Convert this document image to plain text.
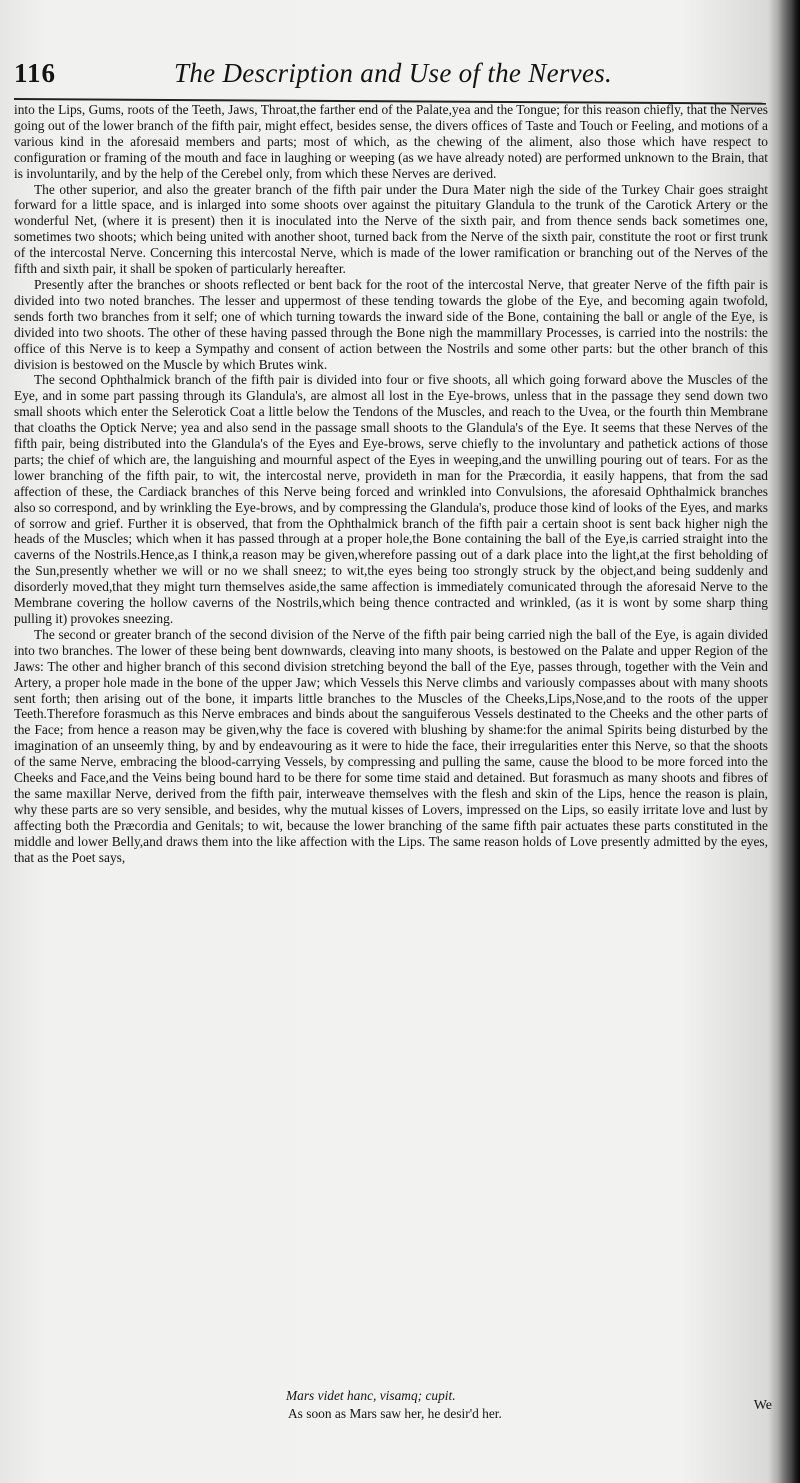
116	The Description and Use of the Nerves.

into the Lips, Gums, roots of the Teeth, Jaws, Throat,the farther end of the Palate,yea and the Tongue; for this reason chiefly, that the Nerves going out of the lower branch of the fifth pair, might effect, besides sense, the divers offices of Taste and Touch or Feeling, and motions of a various kind in the aforesaid members and parts; most of which, as the chewing of the aliment, also those which have respect to configuration or framing of the mouth and face in laughing or weeping (as we have already noted) are performed unknown to the Brain, that is involuntarily, and by the help of the Cerebel only, from which these Nerves are derived.

The other superior, and also the greater branch of the fifth pair under the Dura Mater nigh the side of the Turkey Chair goes straight forward for a little space, and is inlarged into some shoots over against the pituitary Glandula to the trunk of the Carotick Artery or the wonderful Net, (where it is present) then it is inoculated into the Nerve of the sixth pair, and from thence sends back sometimes one, sometimes two shoots; which being united with another shoot, turned back from the Nerve of the sixth pair, constitute the root or first trunk of the intercostal Nerve. Concerning this intercostal Nerve, which is made of the lower ramification or branching out of the Nerves of the fifth and sixth pair, it shall be spoken of particularly hereafter.

Presently after the branches or shoots reflected or bent back for the root of the intercostal Nerve, that greater Nerve of the fifth pair is divided into two noted branches. The lesser and uppermost of these tending towards the globe of the Eye, and becoming again twofold, sends forth two branches from it self; one of which turning towards the inward side of the Bone, containing the ball or angle of the Eye, is divided into two shoots. The other of these having passed through the Bone nigh the mammillary Processes, is carried into the nostrils: the office of this Nerve is to keep a Sympathy and consent of action between the Nostrils and some other parts: but the other branch of this division is bestowed on the Muscle by which Brutes wink.

The second Ophthalmick branch of the fifth pair is divided into four or five shoots, all which going forward above the Muscles of the Eye, and in some part passing through its Glandula's, are almost all lost in the Eye-brows, unless that in the passage they send down two small shoots which enter the Selerotick Coat a little below the Tendons of the Muscles, and reach to the Uvea, or the fourth thin Membrane that cloaths the Optick Nerve; yea and also send in the passage small shoots to the Glandula's of the Eye. It seems that these Nerves of the fifth pair, being distributed into the Glandula's of the Eyes and Eye-brows, serve chiefly to the involuntary and pathetick actions of those parts; the chief of which are, the languishing and mournful aspect of the Eyes in weeping,and the unwilling pouring out of tears. For as the lower branching of the fifth pair, to wit, the intercostal nerve, provideth in man for the Præcordia, it easily happens, that from the sad affection of these, the Cardiack branches of this Nerve being forced and wrinkled into Convulsions, the aforesaid Ophthalmick branches also so correspond, and by wrinkling the Eye-brows, and by compressing the Glandula's, produce those kind of looks of the Eyes, and marks of sorrow and grief. Further it is observed, that from the Ophthalmick branch of the fifth pair a certain shoot is sent back higher nigh the heads of the Muscles; which when it has passed through at a proper hole,the Bone containing the ball of the Eye,is carried straight into the caverns of the Nostrils.Hence,as I think,a reason may be given,wherefore passing out of a dark place into the light,at the first beholding of the Sun,presently whether we will or no we shall sneez; to wit,the eyes being too strongly struck by the object,and being suddenly and disorderly moved,that they might turn themselves aside,the same affection is immediately comunicated through the aforesaid Nerve to the Membrane covering the hollow caverns of the Nostrils,which being thence contracted and wrinkled, (as it is wont by some sharp thing pulling it) provokes sneezing.

The second or greater branch of the second division of the Nerve of the fifth pair being carried nigh the ball of the Eye, is again divided into two branches. The lower of these being bent downwards, cleaving into many shoots, is bestowed on the Palate and upper Region of the Jaws: The other and higher branch of this second division stretching beyond the ball of the Eye, passes through, together with the Vein and Artery, a proper hole made in the bone of the upper Jaw; which Vessels this Nerve climbs and variously compasses about with many shoots sent forth; then arising out of the bone, it imparts little branches to the Muscles of the Cheeks,Lips,Nose,and to the roots of the upper Teeth.Therefore forasmuch as this Nerve embraces and binds about the sanguiferous Vessels destinated to the Cheeks and the other parts of the Face; from hence a reason may be given,why the face is covered with blushing by shame:for the animal Spirits being disturbed by the imagination of an unseemly thing, by and by endeavouring as it were to hide the face, their irregularities enter this Nerve, so that the shoots of the same Nerve, embracing the blood-carrying Vessels, by compressing and pulling the same, cause the blood to be more forced into the Cheeks and Face,and the Veins being bound hard to be there for some time staid and detained. But forasmuch as many shoots and fibres of the same maxillar Nerve, derived from the fifth pair, interweave themselves with the flesh and skin of the Lips, hence the reason is plain, why these parts are so very sensible, and besides, why the mutual kisses of Lovers, impressed on the Lips, so easily irritate love and lust by affecting both the Præcordia and Genitals; to wit, because the lower branching of the same fifth pair actuates these parts constituted in the middle and lower Belly,and draws them into the like affection with the Lips. The same reason holds of Love presently admitted by the eyes, that as the Poet says,

Mars videt hanc, visamq; cupit.
As soon as Mars saw her, he desir'd her.
We
